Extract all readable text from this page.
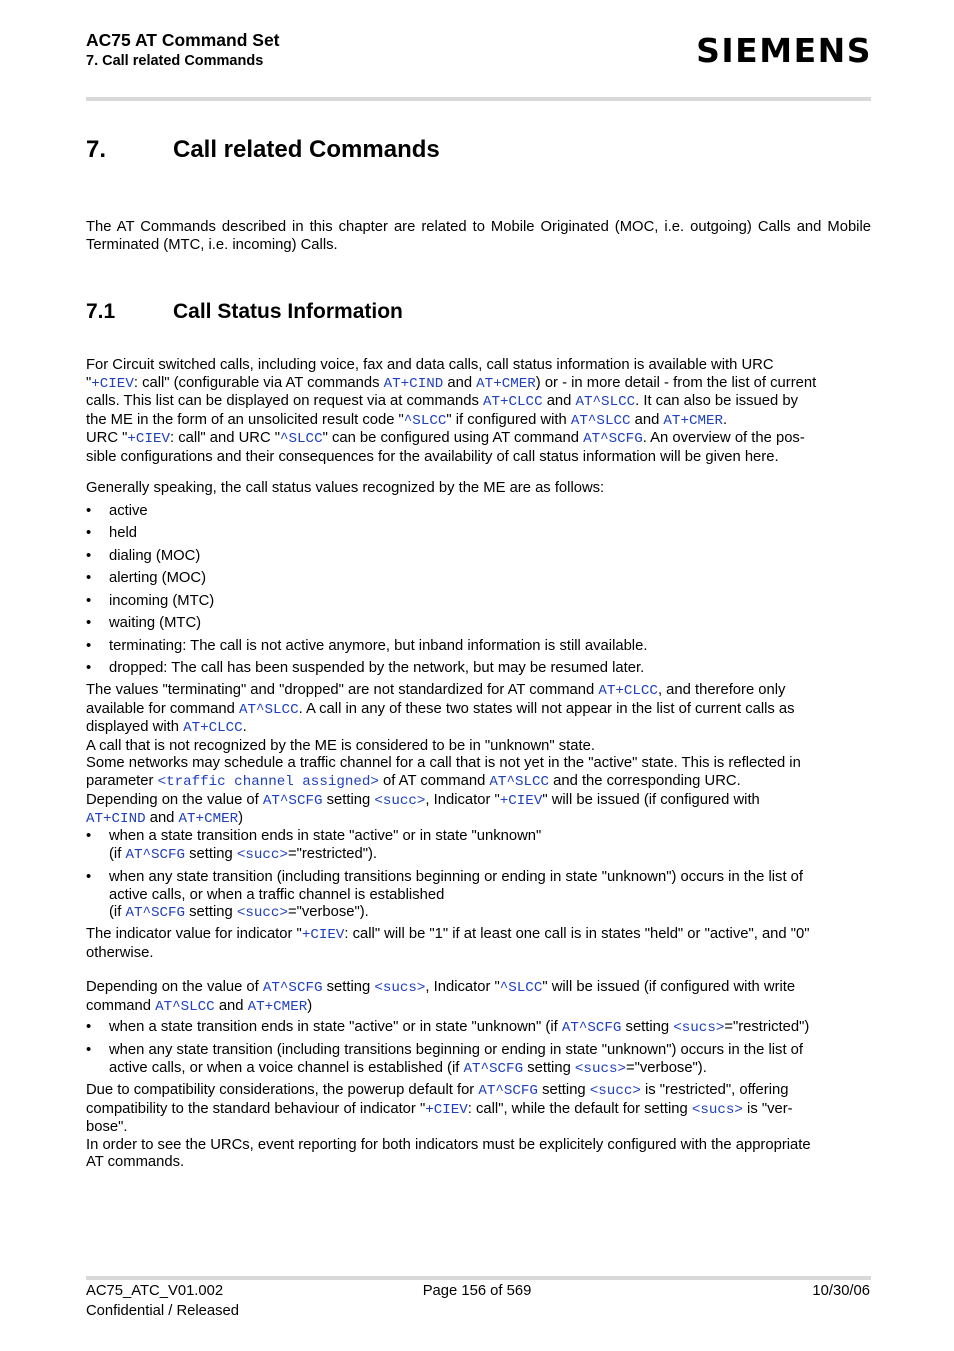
AC75 AT Command Set
7. Call related Commands	SIEMENS
7.	Call related Commands
The AT Commands described in this chapter are related to Mobile Originated (MOC, i.e. outgoing) Calls and Mobile Terminated (MTC, i.e. incoming) Calls.
7.1	Call Status Information
For Circuit switched calls, including voice, fax and data calls, call status information is available with URC
"+CIEV: call" (configurable via AT commands AT+CIND and AT+CMER) or - in more detail - from the list of current
calls. This list can be displayed on request via at commands AT+CLCC and AT^SLCC. It can also be issued by
the ME in the form of an unsolicited result code "^SLCC" if configured with AT^SLCC and AT+CMER.
URC "+CIEV: call" and URC "^SLCC" can be configured using AT command AT^SCFG. An overview of the pos-
sible configurations and their consequences for the availability of call status information will be given here.
Generally speaking, the call status values recognized by the ME are as follows:
• active
• held
• dialing (MOC)
• alerting (MOC)
• incoming (MTC)
• waiting (MTC)
• terminating: The call is not active anymore, but inband information is still available.
• dropped: The call has been suspended by the network, but may be resumed later.
The values "terminating" and "dropped" are not standardized for AT command AT+CLCC, and therefore only
available for command AT^SLCC. A call in any of these two states will not appear in the list of current calls as
displayed with AT+CLCC.
A call that is not recognized by the ME is considered to be in "unknown" state.
Some networks may schedule a traffic channel for a call that is not yet in the "active" state. This is reflected in
parameter <traffic channel assigned> of AT command AT^SLCC and the corresponding URC.
Depending on the value of AT^SCFG setting <succ>, Indicator "+CIEV" will be issued (if configured with
AT+CIND and AT+CMER)
• when a state transition ends in state "active" or in state "unknown"
(if AT^SCFG setting <succ>="restricted").
• when any state transition (including transitions beginning or ending in state "unknown") occurs in the list of
active calls, or when a traffic channel is established
(if AT^SCFG setting <succ>="verbose").
The indicator value for indicator "+CIEV: call" will be "1" if at least one call is in states "held" or "active", and "0"
otherwise.
Depending on the value of AT^SCFG setting <sucs>, Indicator "^SLCC" will be issued (if configured with write
command AT^SLCC and AT+CMER)
• when a state transition ends in state "active" or in state "unknown" (if AT^SCFG setting <sucs>="restricted")
• when any state transition (including transitions beginning or ending in state "unknown") occurs in the list of
active calls, or when a voice channel is established (if AT^SCFG setting <sucs>="verbose").
Due to compatibility considerations, the powerup default for AT^SCFG setting <succ> is "restricted", offering
compatibility to the standard behaviour of indicator "+CIEV: call", while the default for setting <sucs> is "ver-
bose".
In order to see the URCs, event reporting for both indicators must be explicitely configured with the appropriate
AT commands.
AC75_ATC_V01.002
Confidential / Released
Page 156 of 569	10/30/06
